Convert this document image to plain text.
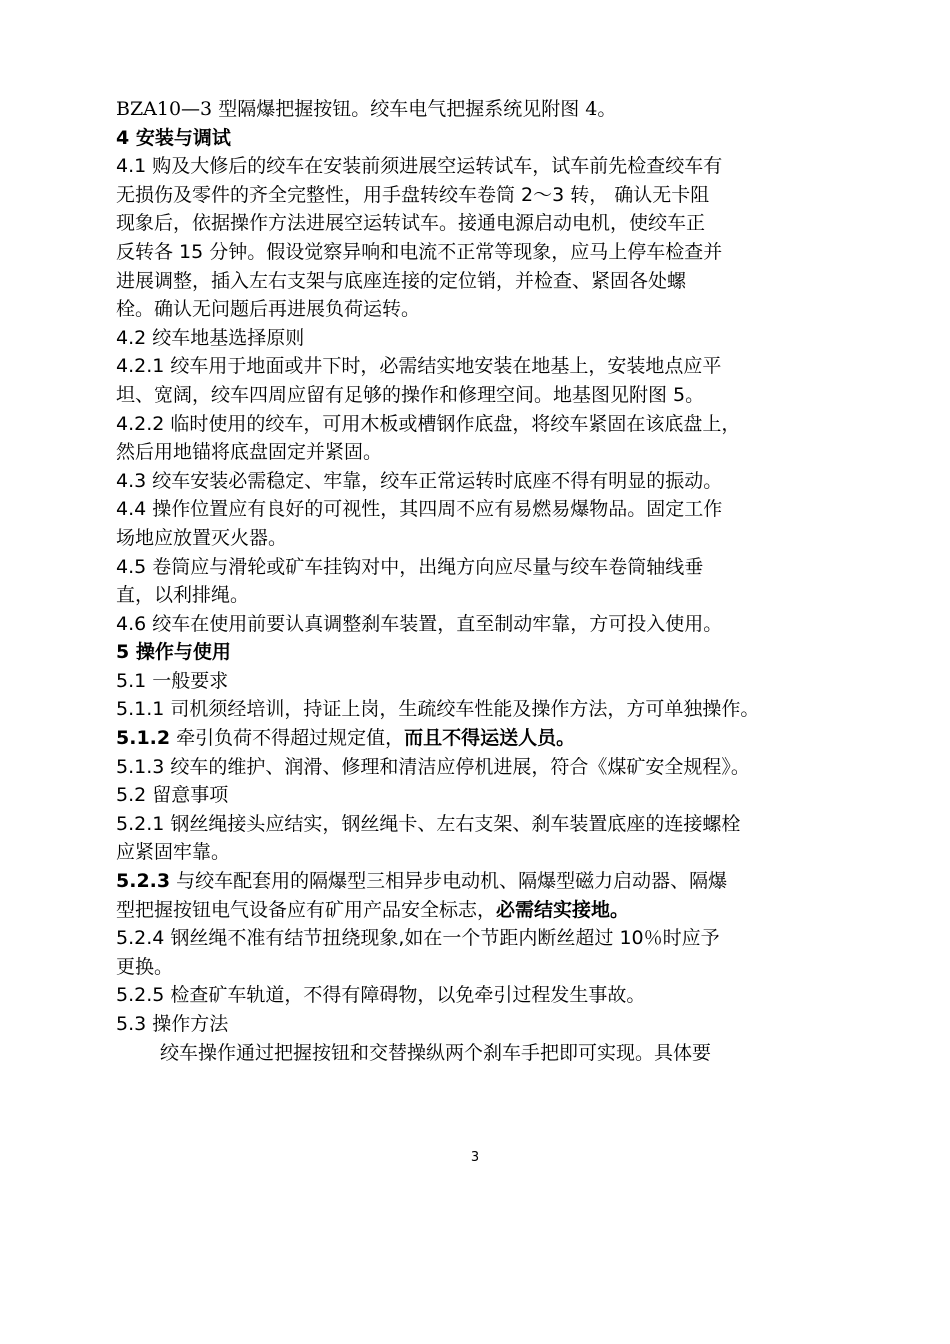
BZA10—3 型隔爆把握按钮。绞车电气把握系统见附图 4。
4 安装与调试
4.1 购及大修后的绞车在安装前须进展空运转试车，试车前先检查绞车有
无损伤及零件的齐全完整性，用手盘转绞车卷筒 2～3 转， 确认无卡阻
现象后，依据操作方法进展空运转试车。接通电源启动电机，使绞车正
反转各 15 分钟。假设觉察异响和电流不正常等现象，应马上停车检查并
进展调整，插入左右支架与底座连接的定位销，并检查、紧固各处螺
栓。确认无问题后再进展负荷运转。
4.2 绞车地基选择原则
4.2.1 绞车用于地面或井下时，必需结实地安装在地基上，安装地点应平
坦、宽阔，绞车四周应留有足够的操作和修理空间。地基图见附图 5。
4.2.2 临时使用的绞车，可用木板或槽钢作底盘，将绞车紧固在该底盘上，
然后用地锚将底盘固定并紧固。
4.3 绞车安装必需稳定、牢靠，绞车正常运转时底座不得有明显的振动。
4.4 操作位置应有良好的可视性，其四周不应有易燃易爆物品。固定工作
场地应放置灭火器。
4.5 卷筒应与滑轮或矿车挂钩对中，出绳方向应尽量与绞车卷筒轴线垂
直，以利排绳。
4.6 绞车在使用前要认真调整刹车装置，直至制动牢靠，方可投入使用。
5 操作与使用
5.1 一般要求
5.1.1 司机须经培训，持证上岗，生疏绞车性能及操作方法，方可单独操作。
5.1.2 牵引负荷不得超过规定值，而且不得运送人员。
5.1.3 绞车的维护、润滑、修理和清洁应停机进展，符合《煤矿安全规程》。
5.2 留意事项
5.2.1 钢丝绳接头应结实，钢丝绳卡、左右支架、刹车装置底座的连接螺栓
应紧固牢靠。
5.2.3 与绞车配套用的隔爆型三相异步电动机、隔爆型磁力启动器、隔爆
型把握按钮电气设备应有矿用产品安全标志，必需结实接地。
5.2.4 钢丝绳不准有结节扭绕现象,如在一个节距内断丝超过 10％时应予
更换。
5.2.5 检查矿车轨道，不得有障碍物，以免牵引过程发生事故。
5.3 操作方法
绞车操作通过把握按钮和交替操纵两个刹车手把即可实现。具体要
3
